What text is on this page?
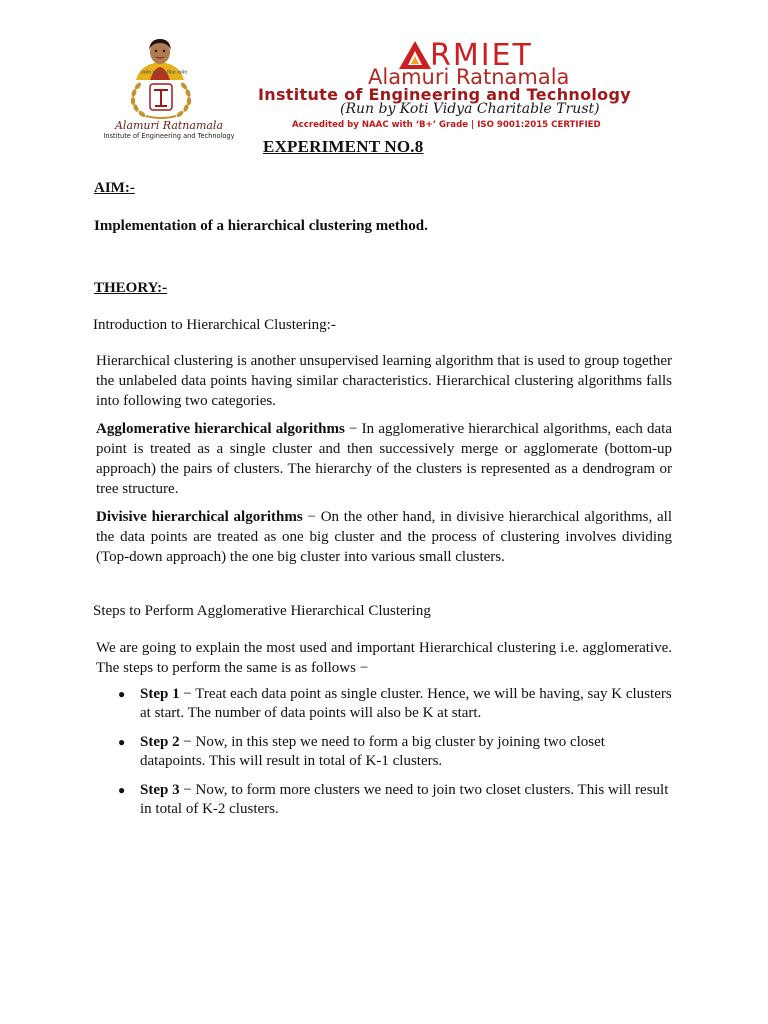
त्वमेव माता च पिता त्वमेव
Alamuri Ratnamala
Institute of Engineering and Technology
RMIET
Alamuri Ratnamala
Institute of Engineering and Technology
(Run by Koti Vidya Charitable Trust)
Accredited by NAAC with ‘B+’ Grade | ISO 9001:2015 CERTIFIED
EXPERIMENT NO.8
AIM:-
Implementation of a hierarchical clustering method.
THEORY:-
Introduction to Hierarchical Clustering:-

Hierarchical clustering is another unsupervised learning algorithm that is used to group together the unlabeled data points having similar characteristics. Hierarchical clustering algorithms falls into following two categories.

Agglomerative hierarchical algorithms − In agglomerative hierarchical algorithms, each data point is treated as a single cluster and then successively merge or agglomerate (bottom-up approach) the pairs of clusters. The hierarchy of the clusters is represented as a dendrogram or tree structure.

Divisive hierarchical algorithms − On the other hand, in divisive hierarchical algorithms, all the data points are treated as one big cluster and the process of clustering involves dividing (Top-down approach) the one big cluster into various small clusters.

Steps to Perform Agglomerative Hierarchical Clustering

We are going to explain the most used and important Hierarchical clustering i.e. agglomerative. The steps to perform the same is as follows −

● Step 1 − Treat each data point as single cluster. Hence, we will be having, say K clusters at start. The number of data points will also be K at start.
● Step 2 − Now, in this step we need to form a big cluster by joining two closet datapoints. This will result in total of K-1 clusters.
● Step 3 − Now, to form more clusters we need to join two closet clusters. This will result in total of K-2 clusters.
